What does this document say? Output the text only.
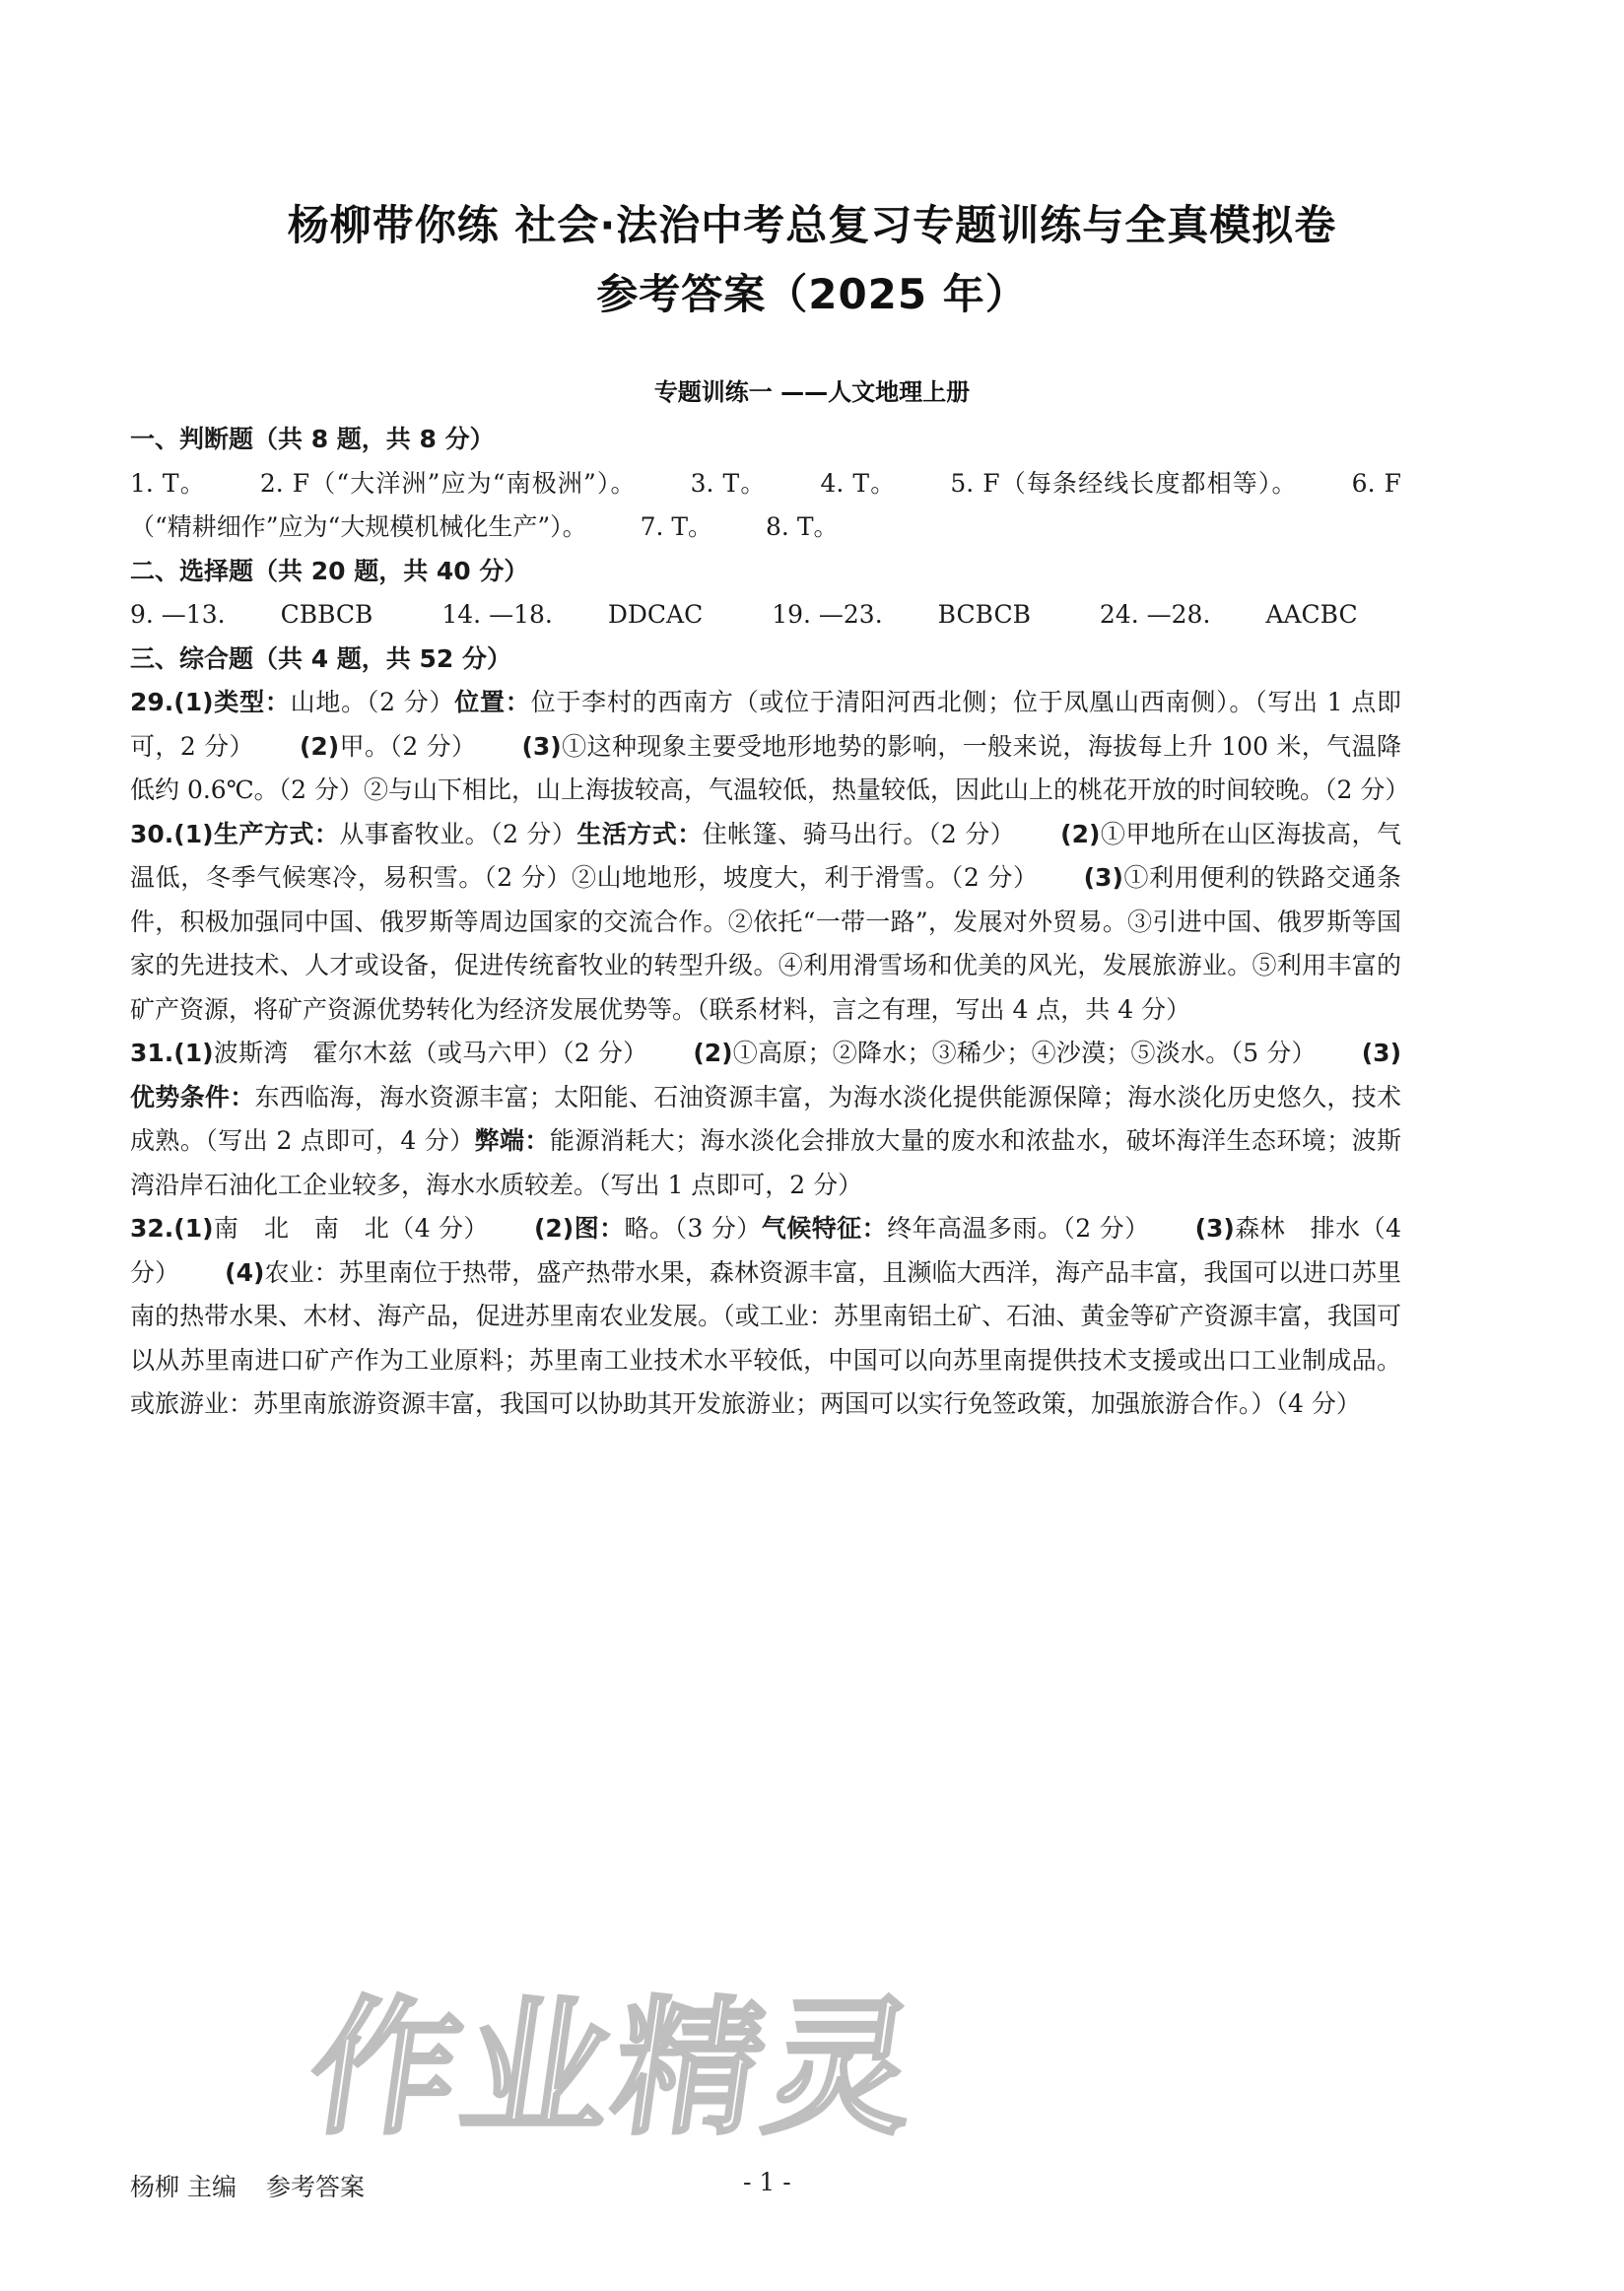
杨柳带你练 社会·法治中考总复习专题训练与全真模拟卷
参考答案（2025 年）
专题训练一 ——人文地理上册

一、判断题（共 8 题，共 8 分）

1. T。 2. F（“大洋洲”应为“南极洲”）。 3. T。 4. T。 5. F（每条经线长度都相等）。 6. F（“精耕细作”应为“大规模机械化生产”）。 7. T。 8. T。

二、选择题（共 20 题，共 40 分）

9. —13. CBBCB	14. —18. DDCAC	19. —23. BCBCB	24. —28. AACBC

三、综合题（共 4 题，共 52 分）

29.(1)类型：山地。（2 分）位置：位于李村的西南方（或位于清阳河西北侧；位于凤凰山西南侧）。（写出 1 点即可，2 分） (2)甲。（2 分） (3)①这种现象主要受地形地势的影响，一般来说，海拔每上升 100 米，气温降低约 0.6℃。（2 分）②与山下相比，山上海拔较高，气温较低，热量较低，因此山上的桃花开放的时间较晚。（2 分）

30.(1)生产方式：从事畜牧业。（2 分）生活方式：住帐篷、骑马出行。（2 分） (2)①甲地所在山区海拔高，气温低，冬季气候寒冷，易积雪。（2 分）②山地地形，坡度大，利于滑雪。（2 分） (3)①利用便利的铁路交通条件，积极加强同中国、俄罗斯等周边国家的交流合作。②依托“一带一路”，发展对外贸易。③引进中国、俄罗斯等国家的先进技术、人才或设备，促进传统畜牧业的转型升级。④利用滑雪场和优美的风光，发展旅游业。⑤利用丰富的矿产资源，将矿产资源优势转化为经济发展优势等。（联系材料，言之有理，写出 4 点，共 4 分）

31.(1)波斯湾　霍尔木兹（或马六甲）（2 分） (2)①高原；②降水；③稀少；④沙漠；⑤淡水。（5 分） (3)优势条件：东西临海，海水资源丰富；太阳能、石油资源丰富，为海水淡化提供能源保障；海水淡化历史悠久，技术成熟。（写出 2 点即可，4 分）弊端：能源消耗大；海水淡化会排放大量的废水和浓盐水，破坏海洋生态环境；波斯湾沿岸石油化工企业较多，海水水质较差。（写出 1 点即可，2 分）

32.(1)南　北　南　北（4 分） (2)图：略。（3 分）气候特征：终年高温多雨。（2 分） (3)森林　排水（4 分） (4)农业：苏里南位于热带，盛产热带水果，森林资源丰富，且濒临大西洋，海产品丰富，我国可以进口苏里南的热带水果、木材、海产品，促进苏里南农业发展。（或工业：苏里南铝土矿、石油、黄金等矿产资源丰富，我国可以从苏里南进口矿产作为工业原料；苏里南工业技术水平较低，中国可以向苏里南提供技术支援或出口工业制成品。或旅游业：苏里南旅游资源丰富，我国可以协助其开发旅游业；两国可以实行免签政策，加强旅游合作。）（4 分）

作业精灵
杨柳 主编 参考答案	- 1 -
